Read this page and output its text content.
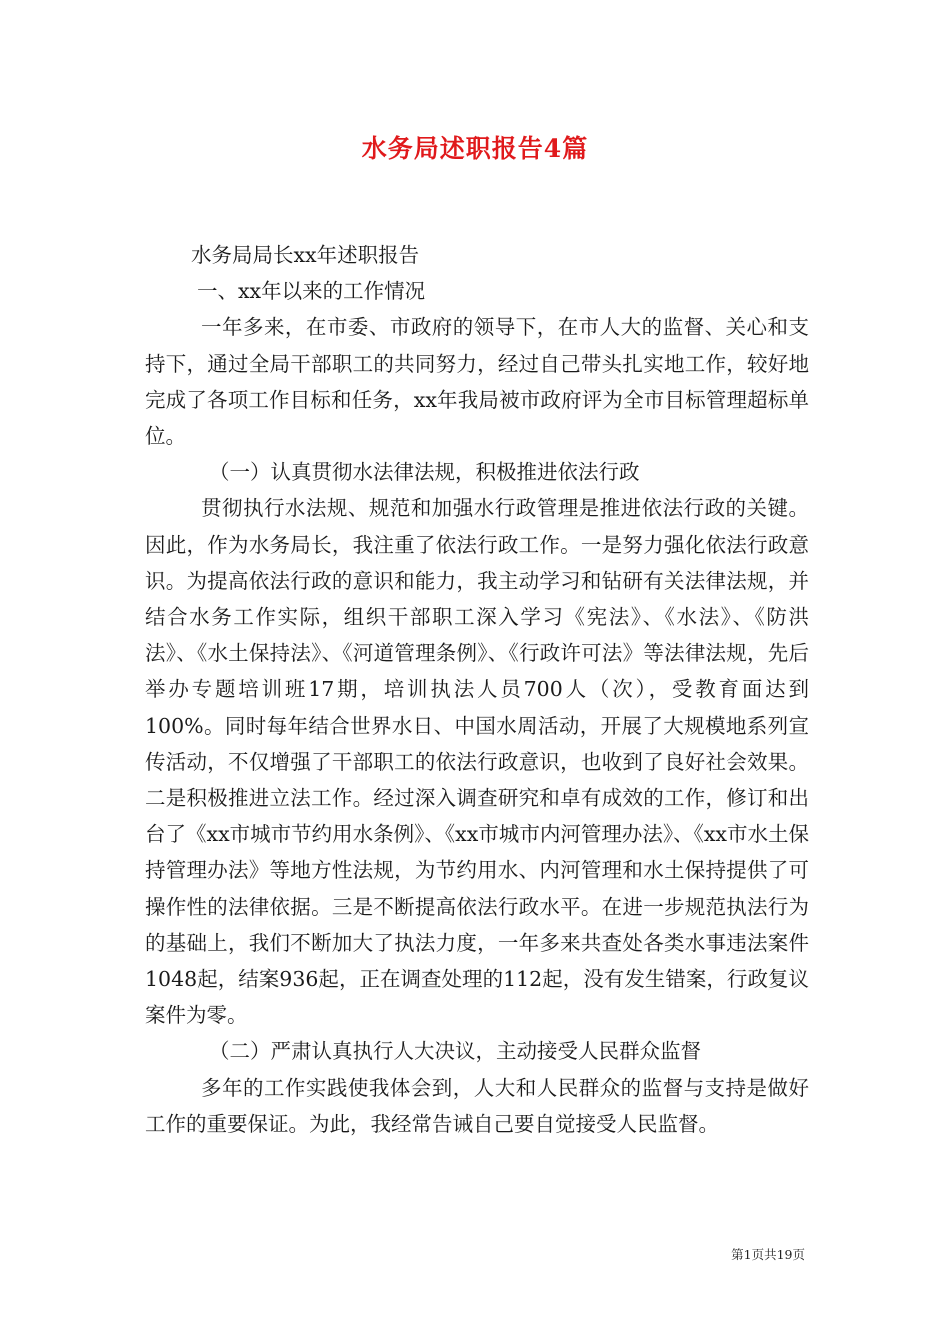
水务局述职报告4篇

水务局局长xx年述职报告

一、xx年以来的工作情况

一年多来，在市委、市政府的领导下，在市人大的监督、关心和支持下，通过全局干部职工的共同努力，经过自己带头扎实地工作，较好地完成了各项工作目标和任务，xx年我局被市政府评为全市目标管理超标单位。

（一）认真贯彻水法律法规，积极推进依法行政

贯彻执行水法规、规范和加强水行政管理是推进依法行政的关键。因此，作为水务局长，我注重了依法行政工作。一是努力强化依法行政意识。为提高依法行政的意识和能力，我主动学习和钻研有关法律法规，并结合水务工作实际，组织干部职工深入学习《宪法》、《水法》、《防洪法》、《水土保持法》、《河道管理条例》、《行政许可法》等法律法规，先后举办专题培训班17期，培训执法人员700人（次），受教育面达到100%。同时每年结合世界水日、中国水周活动，开展了大规模地系列宣传活动，不仅增强了干部职工的依法行政意识，也收到了良好社会效果。二是积极推进立法工作。经过深入调查研究和卓有成效的工作，修订和出台了《xx市城市节约用水条例》、《xx市城市内河管理办法》、《xx市水土保持管理办法》等地方性法规，为节约用水、内河管理和水土保持提供了可操作性的法律依据。三是不断提高依法行政水平。在进一步规范执法行为的基础上，我们不断加大了执法力度，一年多来共查处各类水事违法案件1048起，结案936起，正在调查处理的112起，没有发生错案，行政复议案件为零。

（二）严肃认真执行人大决议，主动接受人民群众监督

多年的工作实践使我体会到，人大和人民群众的监督与支持是做好工作的重要保证。为此，我经常告诫自己要自觉接受人民监督。

第1页共19页
